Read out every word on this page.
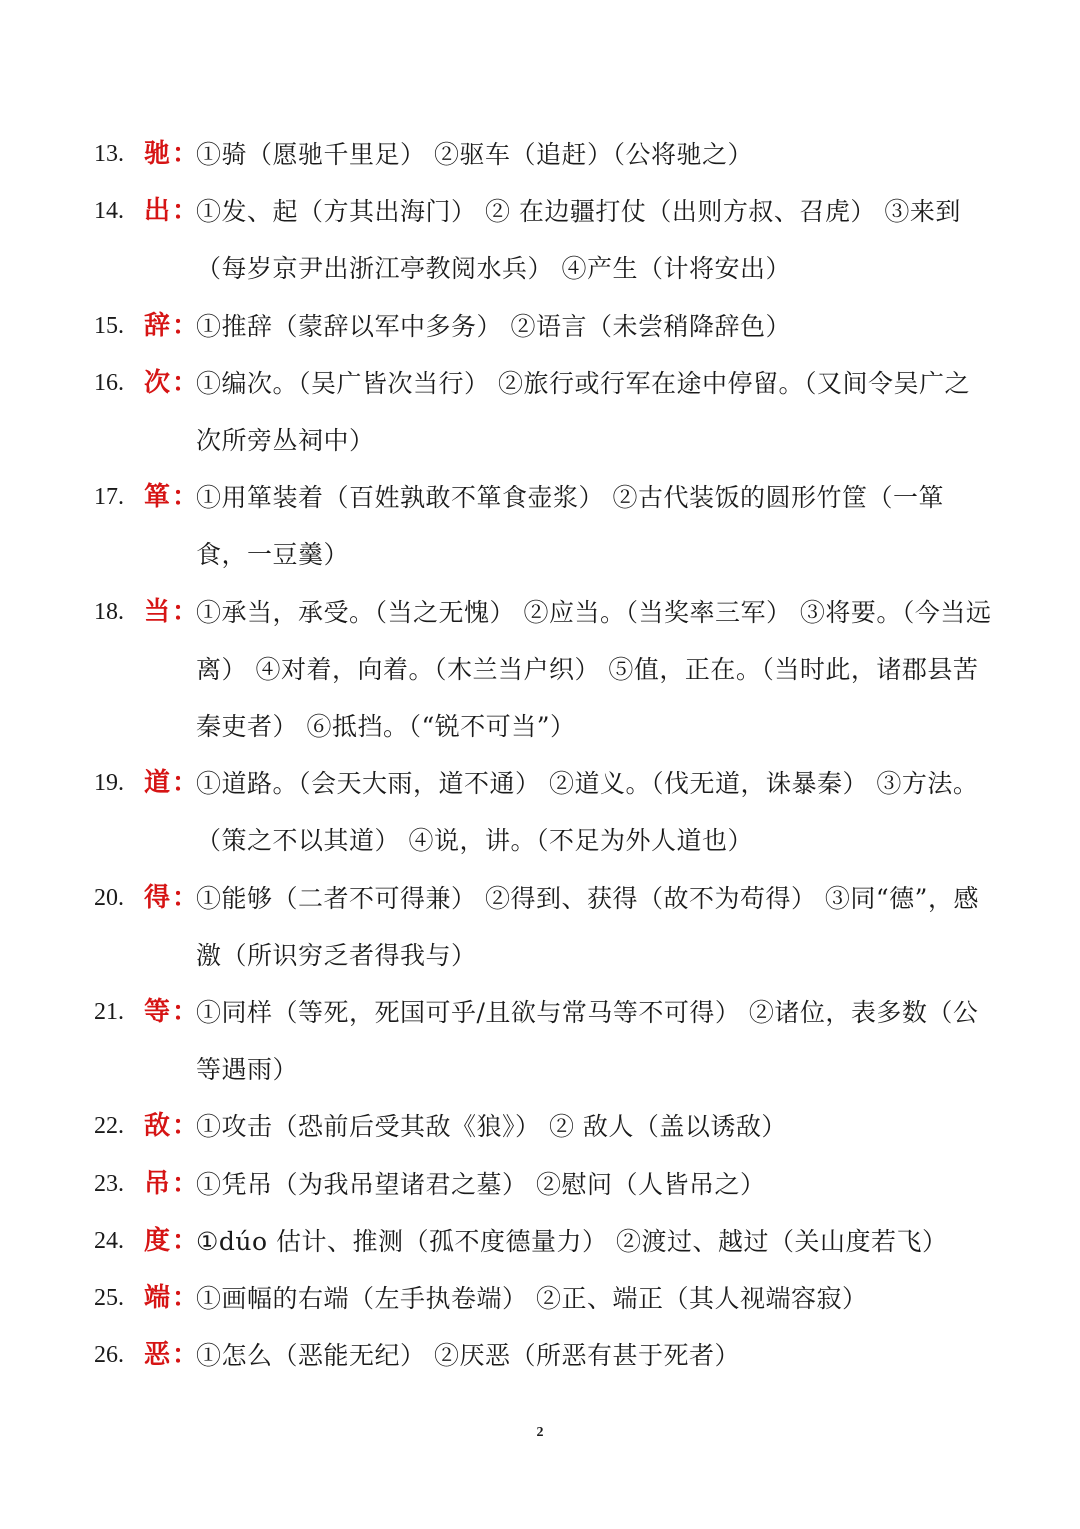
13. 驰：
①骑（愿驰千里足） ②驱车（追赶）（公将驰之）
14. 出：
①发、起（方其出海门） ② 在边疆打仗（出则方叔、召虎） ③来到（每岁京尹出浙江亭教阅水兵） ④产生（计将安出）
15. 辞：
①推辞（蒙辞以军中多务） ②语言（未尝稍降辞色）
16. 次：
①编次。（吴广皆次当行） ②旅行或行军在途中停留。（又间令吴广之次所旁丛祠中）
17. 箪：
①用箪装着（百姓孰敢不箪食壶浆） ②古代装饭的圆形竹筐（一箪食，一豆羹）
18. 当：
①承当，承受。（当之无愧） ②应当。（当奖率三军） ③将要。（今当远离） ④对着，向着。（木兰当户织） ⑤值，正在。（当时此，诸郡县苦秦吏者） ⑥抵挡。（“锐不可当”）
19. 道：
①道路。（会天大雨，道不通） ②道义。（伐无道，诛暴秦） ③方法。（策之不以其道） ④说，讲。（不足为外人道也）
20. 得：
①能够（二者不可得兼） ②得到、获得（故不为苟得） ③同“德”，感激（所识穷乏者得我与）
21. 等：
①同样（等死，死国可乎/且欲与常马等不可得） ②诸位，表多数（公等遇雨）
22. 敌：
①攻击（恐前后受其敌《狼》） ② 敌人（盖以诱敌）
23. 吊：
①凭吊（为我吊望诸君之墓） ②慰问（人皆吊之）
24. 度：
①dúo 估计、推测（孤不度德量力） ②渡过、越过（关山度若飞）
25. 端：
①画幅的右端（左手执卷端） ②正、端正（其人视端容寂）
26. 恶：
①怎么（恶能无纪） ②厌恶（所恶有甚于死者）
2
